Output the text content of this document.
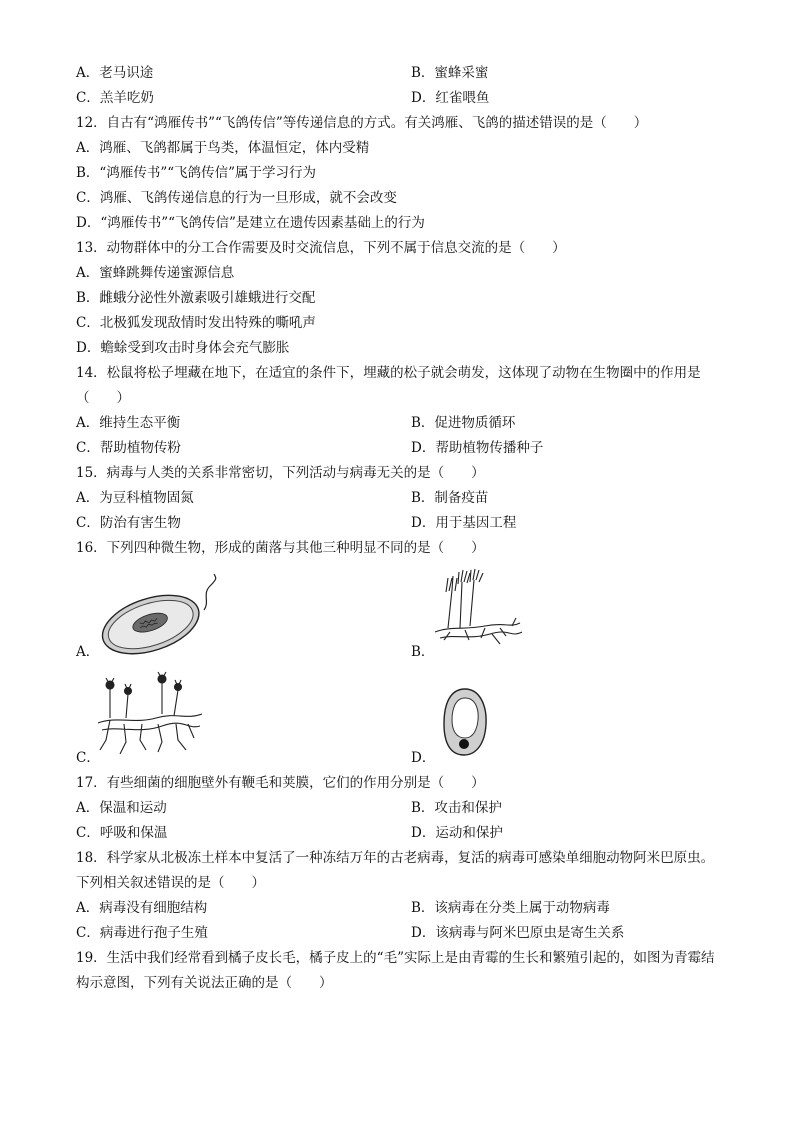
A．老马识途	B．蜜蜂采蜜
C．羔羊吃奶	D．红雀喂鱼
12．自古有“鸿雁传书”“飞鸽传信”等传递信息的方式。有关鸿雁、飞鸽的描述错误的是（　　）
A．鸿雁、飞鸽都属于鸟类，体温恒定，体内受精
B．“鸿雁传书”“飞鸽传信”属于学习行为
C．鸿雁、飞鸽传递信息的行为一旦形成，就不会改变
D．“鸿雁传书”“飞鸽传信”是建立在遗传因素基础上的行为
13．动物群体中的分工合作需要及时交流信息，下列不属于信息交流的是（　　）
A．蜜蜂跳舞传递蜜源信息
B．雌蛾分泌性外激素吸引雄蛾进行交配
C．北极狐发现敌情时发出特殊的嘶吼声
D．蟾蜍受到攻击时身体会充气膨胀
14．松鼠将松子埋藏在地下，在适宜的条件下，埋藏的松子就会萌发，这体现了动物在生物圈中的作用是
（　　）
A．维持生态平衡	B．促进物质循环
C．帮助植物传粉	D．帮助植物传播种子
15．病毒与人类的关系非常密切，下列活动与病毒无关的是（　　）
A．为豆科植物固氮	B．制备疫苗
C．防治有害生物	D．用于基因工程
16．下列四种微生物，形成的菌落与其他三种明显不同的是（　　）
A．	B．
C．	D．
17．有些细菌的细胞壁外有鞭毛和荚膜，它们的作用分别是（　　）
A．保温和运动	B．攻击和保护
C．呼吸和保温	D．运动和保护
18．科学家从北极冻土样本中复活了一种冻结万年的古老病毒，复活的病毒可感染单细胞动物阿米巴原虫。
下列相关叙述错误的是（　　）
A．病毒没有细胞结构	B．该病毒在分类上属于动物病毒
C．病毒进行孢子生殖	D．该病毒与阿米巴原虫是寄生关系
19．生活中我们经常看到橘子皮长毛，橘子皮上的“毛”实际上是由青霉的生长和繁殖引起的，如图为青霉结
构示意图，下列有关说法正确的是（　　）
